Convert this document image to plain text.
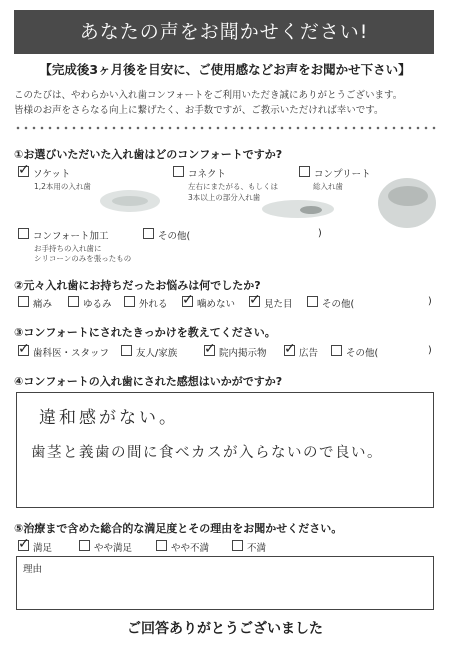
あなたの声をお聞かせください!
【完成後3ヶ月後を目安に、ご使用感などお声をお聞かせ下さい】
このたびは、やわらかい入れ歯コンフォートをご利用いただき誠にありがとうございます。
皆様のお声をさらなる向上に繋げたく、お手数ですが、ご教示いただければ幸いです。
①お選びいただいた入れ歯はどのコンフォートですか?
✓ ソケット
1,2本用の入れ歯
コネクト
左右にまたがる、もしくは
3本以上の部分入れ歯
コンプリート
総入れ歯
コンフォート加工
お手持ちの入れ歯に
シリコーンのみを張ったもの
その他(	)
②元々入れ歯にお持ちだったお悩みは何でしたか?
痛み	ゆるみ	外れる ✓ 噛めない ✓ 見た目	その他(	)
③コンフォートにされたきっかけを教えてください。
✓ 歯科医・スタッフ	友人/家族 ✓ 院内掲示物 ✓ 広告	その他(	)
④コンフォートの入れ歯にされた感想はいかがですか?
違和感がない。
歯茎と義歯の間に食べカスが入らないので良い。
⑤治療まで含めた総合的な満足度とその理由をお聞かせください。
✓ 満足	やや満足	やや不満	不満
理由
ご回答ありがとうございました
